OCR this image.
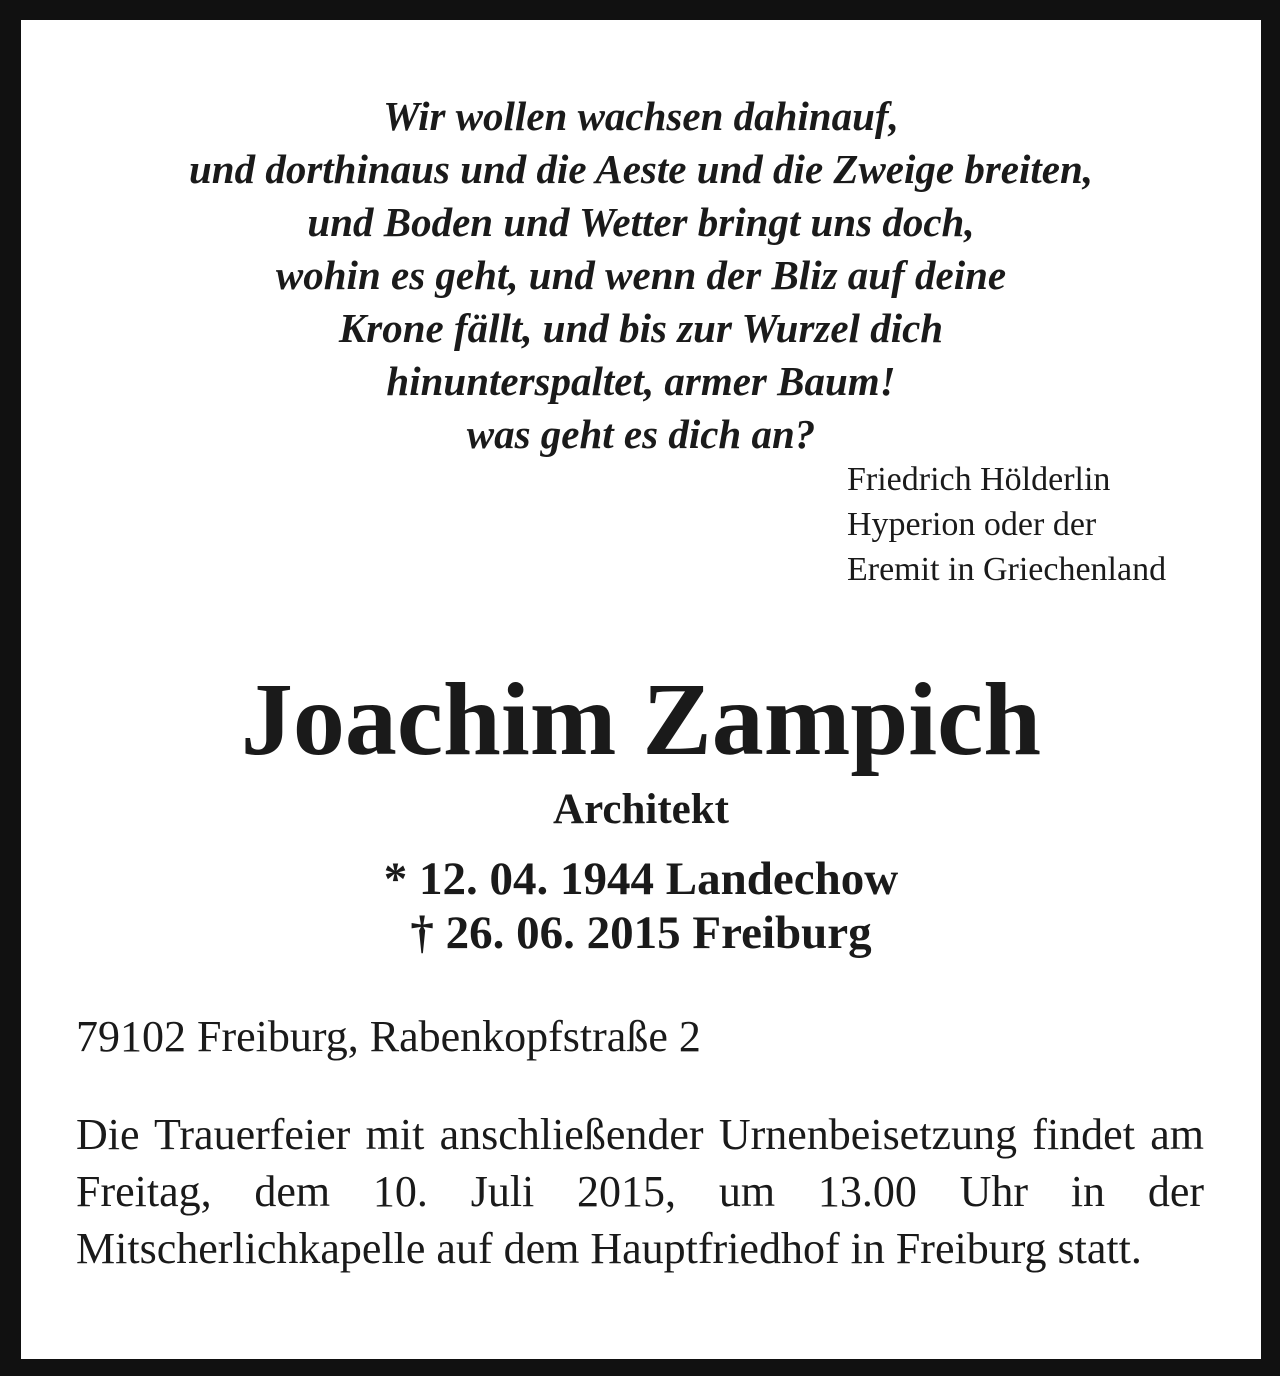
Wir wollen wachsen dahinauf,
und dorthinaus und die Aeste und die Zweige breiten,
und Boden und Wetter bringt uns doch,
wohin es geht, und wenn der Bliz auf deine
Krone fällt, und bis zur Wurzel dich
hinunterspaltet, armer Baum!
was geht es dich an?

Friedrich Hölderlin
Hyperion oder der
Eremit in Griechenland

Joachim Zampich

Architekt

* 12. 04. 1944 Landechow
† 26. 06. 2015 Freiburg

79102 Freiburg, Rabenkopfstraße 2

Die Trauerfeier mit anschließender Urnenbeisetzung findet am Freitag, dem 10. Juli 2015, um 13.00 Uhr in der Mitscherlichkapelle auf dem Hauptfriedhof in Freiburg statt.
